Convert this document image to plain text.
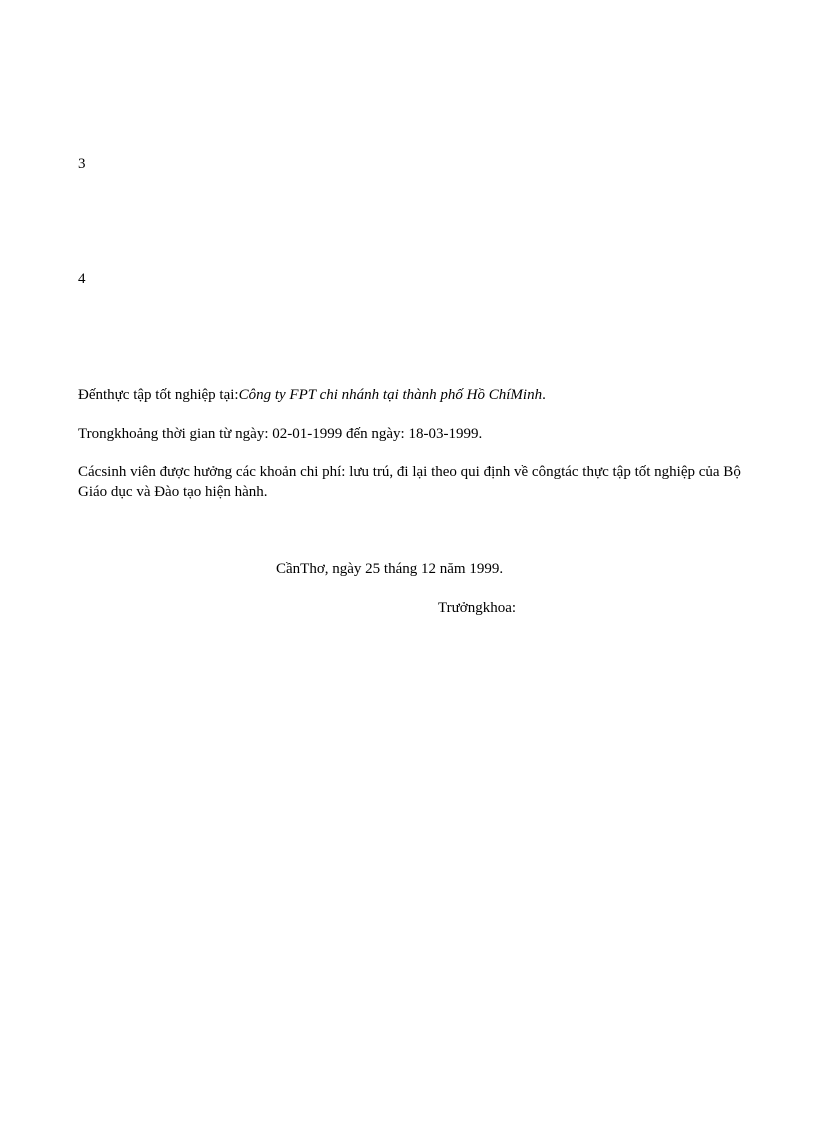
3
4
Đếnthực tập tốt nghiệp tại:Công ty FPT chi nhánh tại thành phố Hồ ChíMinh.
Trongkhoảng thời gian từ ngày: 02-01-1999 đến ngày: 18-03-1999.
Cácsinh viên được hưởng các khoản chi phí: lưu trú, đi lại theo qui định về côngtác thực tập tốt nghiệp của Bộ Giáo dục và Đào tạo hiện hành.
CầnThơ, ngày 25 tháng 12 năm 1999.
Trưởngkhoa:
